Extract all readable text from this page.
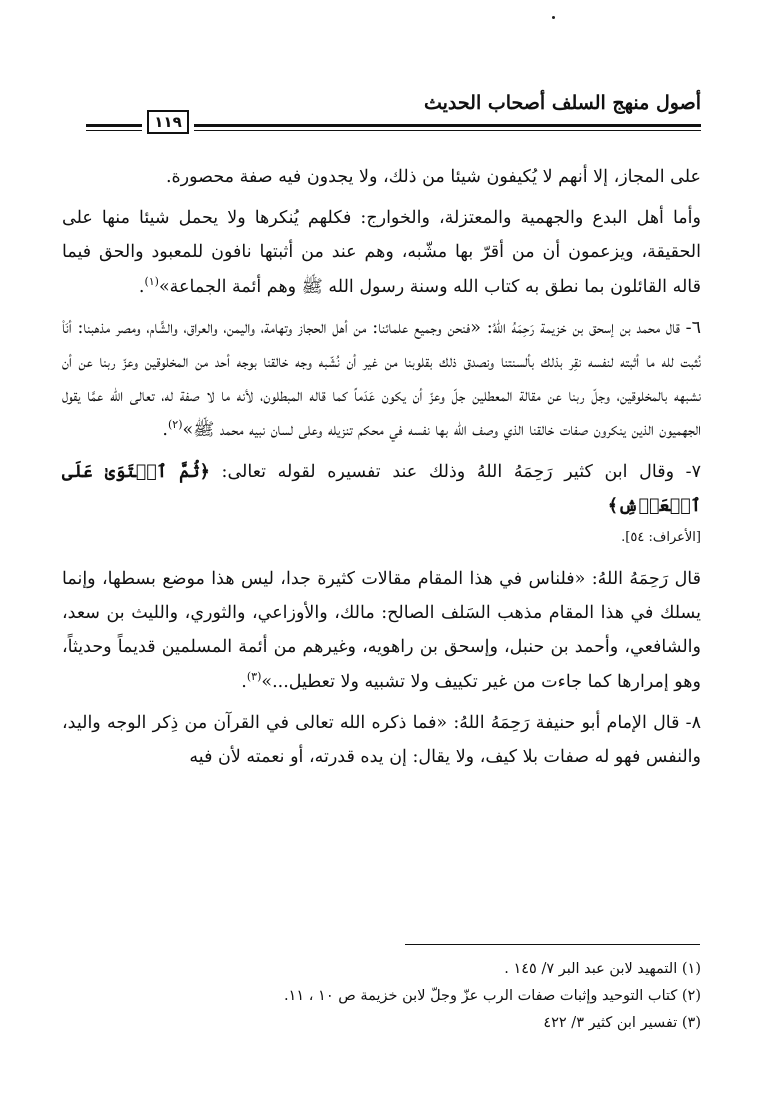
أصول منهج السلف أصحاب الحديث
١١٩

على المجاز، إلا أنهم لا يُكيفون شيئا من ذلك، ولا يجدون فيه صفة محصورة.

وأما أهل البدع والجهمية والمعتزلة، والخوارج: فكلهم يُنكرها ولا يحمل شيئا منها على الحقيقة، ويزعمون أن من أقرّ بها مشّبه، وهم عند من أثبتها نافون للمعبود والحق فيما قاله القائلون بما نطق به كتاب الله وسنة رسول الله ﷺ وهم أئمة الجماعة»$^{(١)}$.

٦- قال محمد بن إسحق بن خزيمة رَحِمَهُ اللهُ: «فنحن وجميع علمائنا: من أهل الحجاز وتهامة، واليمن، والعراق، والشَّام، ومصر مذهبنا: أنَاْ نُثبت لله ما أثبته لنفسه نقِر بذلك بألسنتنا ونصدق ذلك بقلوبنا من غير أن نُشّبه وجه خالقنا بوجه أحد من المخلوقين وعزّ ربنا عن أن نشبهه بالمخلوقين، وجلّ ربنا عن مقالة المعطلين جلّ وعزّ أن يكون عَدَماً كما قاله المبطلون، لأنه ما لا صفة له، تعالى الله عمَّا يقول الجهميون الذين ينكرون صفات خالقنا الذي وصف الله بها نفسه في محكم تنزيله وعلى لسان نبيه محمد ﷺ»$^{(٢)}$.

٧- وقال ابن كثير رَحِمَهُ اللهُ وذلك عند تفسيره لقوله تعالى: ﴿ثُمَّ ٱسۡتَوَىٰ عَلَى ٱلۡعَرۡشِ﴾

[الأعراف: ٥٤].

قال رَحِمَهُ اللهُ: «فلناس في هذا المقام مقالات كثيرة جدا، ليس هذا موضع بسطها، وإنما يسلك في هذا المقام مذهب السَلف الصالح: مالك، والأوزاعي، والثوري، والليث بن سعد، والشافعي، وأحمد بن حنبل، وإسحق بن راهويه، وغيرهم من أئمة المسلمين قديماً وحديثاً، وهو إمرارها كما جاءت من غير تكييف ولا تشبيه ولا تعطيل...»$^{(٣)}$.

٨- قال الإمام أبو حنيفة رَحِمَهُ اللهُ: «فما ذكره الله تعالى في القرآن من ذِكر الوجه واليد، والنفس فهو له صفات بلا كيف، ولا يقال: إن يده قدرته، أو نعمته لأن فيه

(١) التمهيد لابن عبد البر ٧/ ١٤٥ .
(٢) كتاب التوحيد وإثبات صفات الرب عزّ وجلّ لابن خزيمة ص ١٠ ، ١١.
(٣) تفسير ابن كثير ٣/ ٤٢٢
